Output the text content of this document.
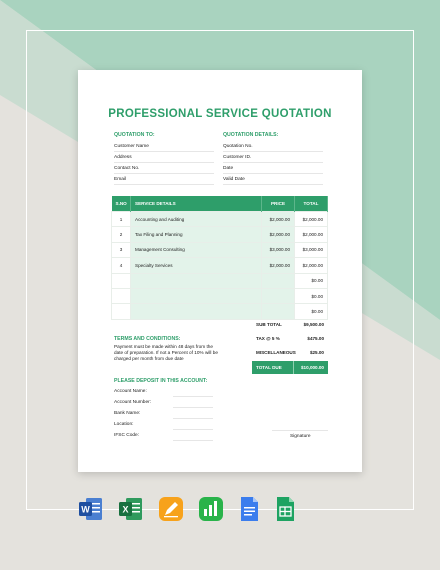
PROFESSIONAL SERVICE QUOTATION
QUOTATION TO:
Customer Name
Address
Contact No.
Email
QUOTATION DETAILS:
Quotation No.
Customer ID.
Date
Valid Date
S.NO	SERVICE DETAILS	PRICE	TOTAL
1	Accounting and Auditing	$2,000.00	$2,000.00
2	Tax Filing and Planning	$2,000.00	$2,000.00
3	Management Consulting	$3,000.00	$3,000.00
4	Specialty Services	$2,000.00	$2,000.00
			$0.00
			$0.00
			$0.00
SUB TOTAL	$9,500.00
TAX @ 5 %	$475.00
MISCELLANEOUS	$25.00
TOTAL DUE	$10,000.00
TERMS AND CONDITIONS:
Payment must be made within 48 days from the date of preparation. If not a Percent of 10% will be charged per month from due date
PLEASE DEPOSIT IN THIS ACCOUNT:
Account Name:
Account Number:
Bank Name:
Location:
IFSC Code:	Signature
W	X
